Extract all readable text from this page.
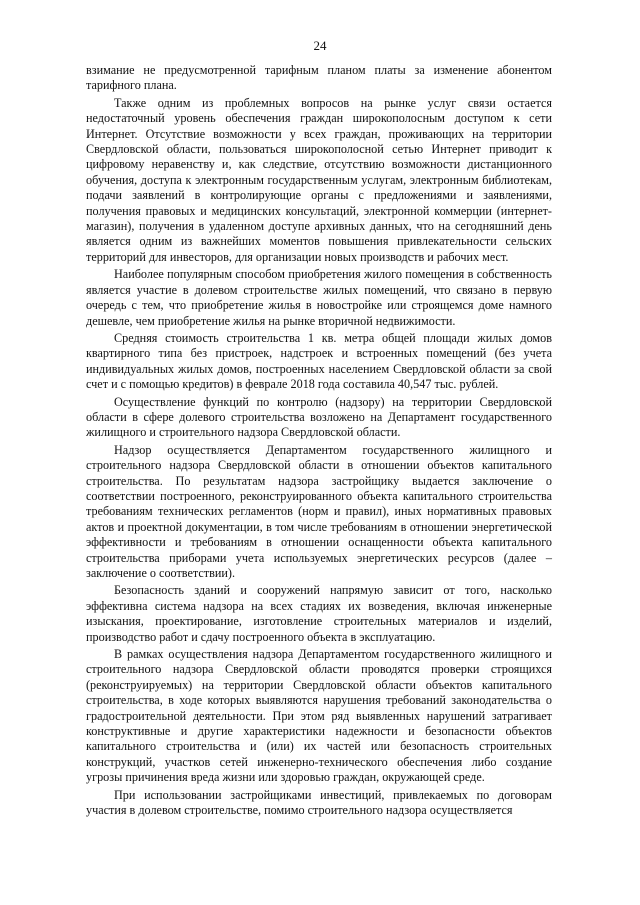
24

взимание не предусмотренной тарифным планом платы за изменение абонентом тарифного плана.

Также одним из проблемных вопросов на рынке услуг связи остается недостаточный уровень обеспечения граждан широкополосным доступом к сети Интернет. Отсутствие возможности у всех граждан, проживающих на территории Свердловской области, пользоваться широкополосной сетью Интернет приводит к цифровому неравенству и, как следствие, отсутствию возможности дистанционного обучения, доступа к электронным государственным услугам, электронным библиотекам, подачи заявлений в контролирующие органы с предложениями и заявлениями, получения правовых и медицинских консультаций, электронной коммерции (интернет-магазин), получения в удаленном доступе архивных данных, что на сегодняшний день является одним из важнейших моментов повышения привлекательности сельских территорий для инвесторов, для организации новых производств и рабочих мест.

Наиболее популярным способом приобретения жилого помещения в собственность является участие в долевом строительстве жилых помещений, что связано в первую очередь с тем, что приобретение жилья в новостройке или строящемся доме намного дешевле, чем приобретение жилья на рынке вторичной недвижимости.

Средняя стоимость строительства 1 кв. метра общей площади жилых домов квартирного типа без пристроек, надстроек и встроенных помещений (без учета индивидуальных жилых домов, построенных населением Свердловской области за свой счет и с помощью кредитов) в феврале 2018 года составила 40,547 тыс. рублей.

Осуществление функций по контролю (надзору) на территории Свердловской области в сфере долевого строительства возложено на Департамент государственного жилищного и строительного надзора Свердловской области.

Надзор осуществляется Департаментом государственного жилищного и строительного надзора Свердловской области в отношении объектов капитального строительства. По результатам надзора застройщику выдается заключение о соответствии построенного, реконструированного объекта капитального строительства требованиям технических регламентов (норм и правил), иных нормативных правовых актов и проектной документации, в том числе требованиям в отношении энергетической эффективности и требованиям в отношении оснащенности объекта капитального строительства приборами учета используемых энергетических ресурсов (далее – заключение о соответствии).

Безопасность зданий и сооружений напрямую зависит от того, насколько эффективна система надзора на всех стадиях их возведения, включая инженерные изыскания, проектирование, изготовление строительных материалов и изделий, производство работ и сдачу построенного объекта в эксплуатацию.

В рамках осуществления надзора Департаментом государственного жилищного и строительного надзора Свердловской области проводятся проверки строящихся (реконструируемых) на территории Свердловской области объектов капитального строительства, в ходе которых выявляются нарушения требований законодательства о градостроительной деятельности. При этом ряд выявленных нарушений затрагивает конструктивные и другие характеристики надежности и безопасности объектов капитального строительства и (или) их частей или безопасность строительных конструкций, участков сетей инженерно-технического обеспечения либо создание угрозы причинения вреда жизни или здоровью граждан, окружающей среде.

При использовании застройщиками инвестиций, привлекаемых по договорам участия в долевом строительстве, помимо строительного надзора осуществляется
